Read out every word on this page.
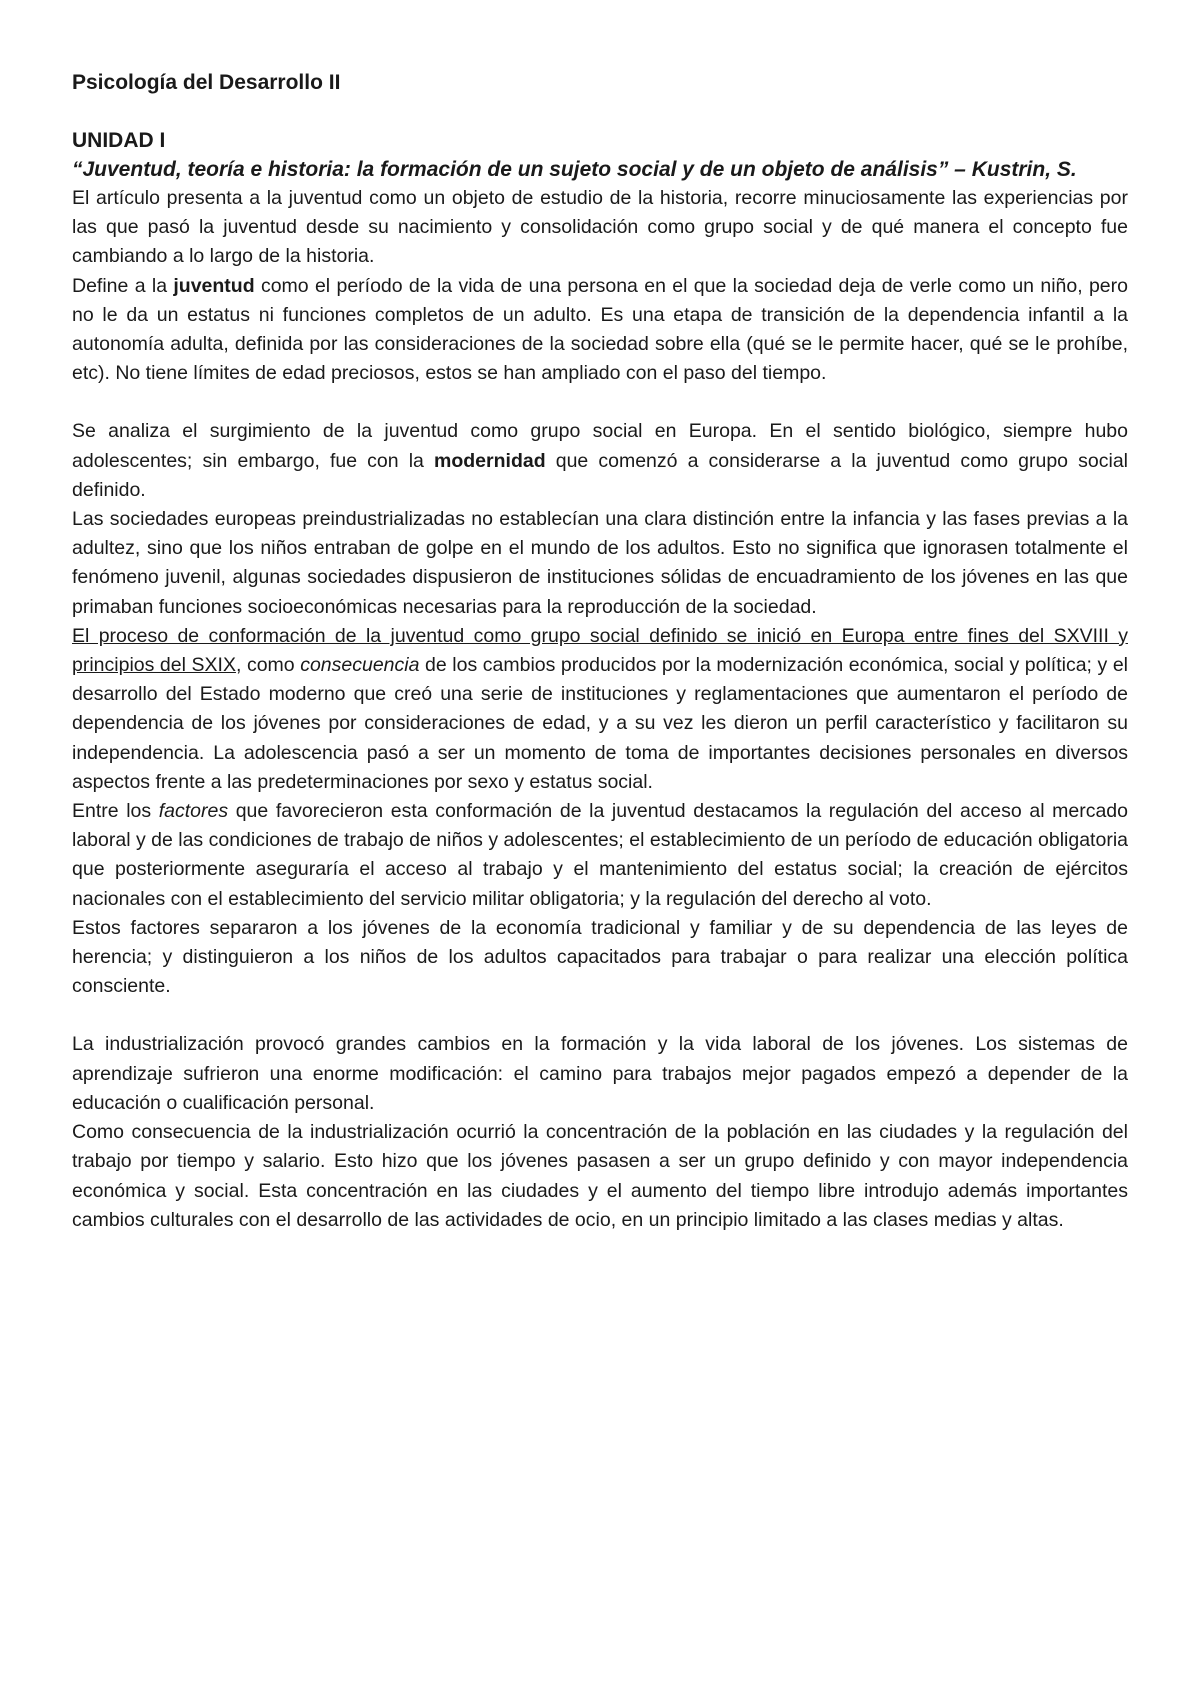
Psicología del Desarrollo II
UNIDAD I
“Juventud, teoría e historia: la formación de un sujeto social y de un objeto de análisis” – Kustrin, S.

El artículo presenta a la juventud como un objeto de estudio de la historia, recorre minuciosamente las experiencias por las que pasó la juventud desde su nacimiento y consolidación como grupo social y de qué manera el concepto fue cambiando a lo largo de la historia.

Define a la juventud como el período de la vida de una persona en el que la sociedad deja de verle como un niño, pero no le da un estatus ni funciones completos de un adulto. Es una etapa de transición de la dependencia infantil a la autonomía adulta, definida por las consideraciones de la sociedad sobre ella (qué se le permite hacer, qué se le prohíbe, etc). No tiene límites de edad preciosos, estos se han ampliado con el paso del tiempo.

Se analiza el surgimiento de la juventud como grupo social en Europa. En el sentido biológico, siempre hubo adolescentes; sin embargo, fue con la modernidad que comenzó a considerarse a la juventud como grupo social definido.

Las sociedades europeas preindustrializadas no establecían una clara distinción entre la infancia y las fases previas a la adultez, sino que los niños entraban de golpe en el mundo de los adultos. Esto no significa que ignorasen totalmente el fenómeno juvenil, algunas sociedades dispusieron de instituciones sólidas de encuadramiento de los jóvenes en las que primaban funciones socioeconómicas necesarias para la reproducción de la sociedad.

El proceso de conformación de la juventud como grupo social definido se inició en Europa entre fines del SXVIII y principios del SXIX, como consecuencia de los cambios producidos por la modernización económica, social y política; y el desarrollo del Estado moderno que creó una serie de instituciones y reglamentaciones que aumentaron el período de dependencia de los jóvenes por consideraciones de edad, y a su vez les dieron un perfil característico y facilitaron su independencia. La adolescencia pasó a ser un momento de toma de importantes decisiones personales en diversos aspectos frente a las predeterminaciones por sexo y estatus social.

Entre los factores que favorecieron esta conformación de la juventud destacamos la regulación del acceso al mercado laboral y de las condiciones de trabajo de niños y adolescentes; el establecimiento de un período de educación obligatoria que posteriormente aseguraría el acceso al trabajo y el mantenimiento del estatus social; la creación de ejércitos nacionales con el establecimiento del servicio militar obligatoria; y la regulación del derecho al voto.

Estos factores separaron a los jóvenes de la economía tradicional y familiar y de su dependencia de las leyes de herencia; y distinguieron a los niños de los adultos capacitados para trabajar o para realizar una elección política consciente.

La industrialización provocó grandes cambios en la formación y la vida laboral de los jóvenes. Los sistemas de aprendizaje sufrieron una enorme modificación: el camino para trabajos mejor pagados empezó a depender de la educación o cualificación personal.

Como consecuencia de la industrialización ocurrió la concentración de la población en las ciudades y la regulación del trabajo por tiempo y salario. Esto hizo que los jóvenes pasasen a ser un grupo definido y con mayor independencia económica y social. Esta concentración en las ciudades y el aumento del tiempo libre introdujo además importantes cambios culturales con el desarrollo de las actividades de ocio, en un principio limitado a las clases medias y altas.
